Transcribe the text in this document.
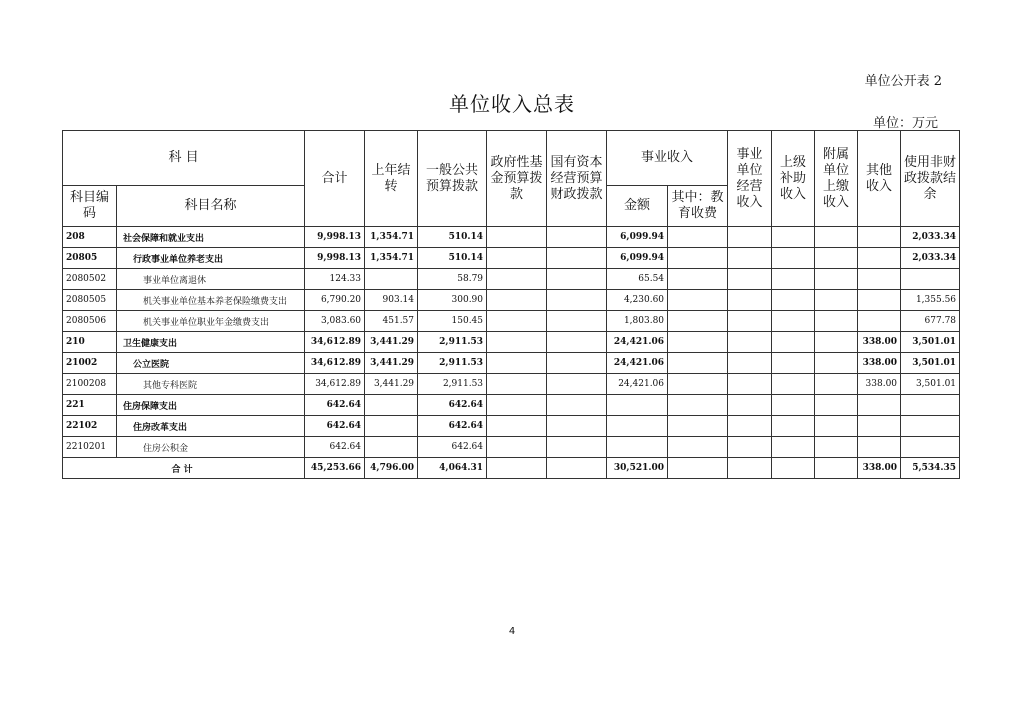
单位公开表 2
单位收入总表
单位：万元
科 目		合计	上年结转	一般公共预算拨款	政府性基金预算拨款	国有资本经营预算财政拨款	事业收入		事业单位经营收入	上级补助收入	附属单位上缴收入	其他收入	使用非财政拨款结余
科目编码	科目名称						金额	其中：教育收费					
208	社会保障和就业支出	9,998.13	1,354.71	510.14			6,099.94						2,033.34
20805	行政事业单位养老支出	9,998.13	1,354.71	510.14			6,099.94						2,033.34
2080502	事业单位离退休	124.33		58.79			65.54						
2080505	机关事业单位基本养老保险缴费支出	6,790.20	903.14	300.90			4,230.60						1,355.56
2080506	机关事业单位职业年金缴费支出	3,083.60	451.57	150.45			1,803.80						677.78
210	卫生健康支出	34,612.89	3,441.29	2,911.53			24,421.06					338.00	3,501.01
21002	公立医院	34,612.89	3,441.29	2,911.53			24,421.06					338.00	3,501.01
2100208	其他专科医院	34,612.89	3,441.29	2,911.53			24,421.06					338.00	3,501.01
221	住房保障支出	642.64		642.64									
22102	住房改革支出	642.64		642.64									
2210201	住房公积金	642.64		642.64									
合 计		45,253.66	4,796.00	4,064.31			30,521.00					338.00	5,534.35
4
